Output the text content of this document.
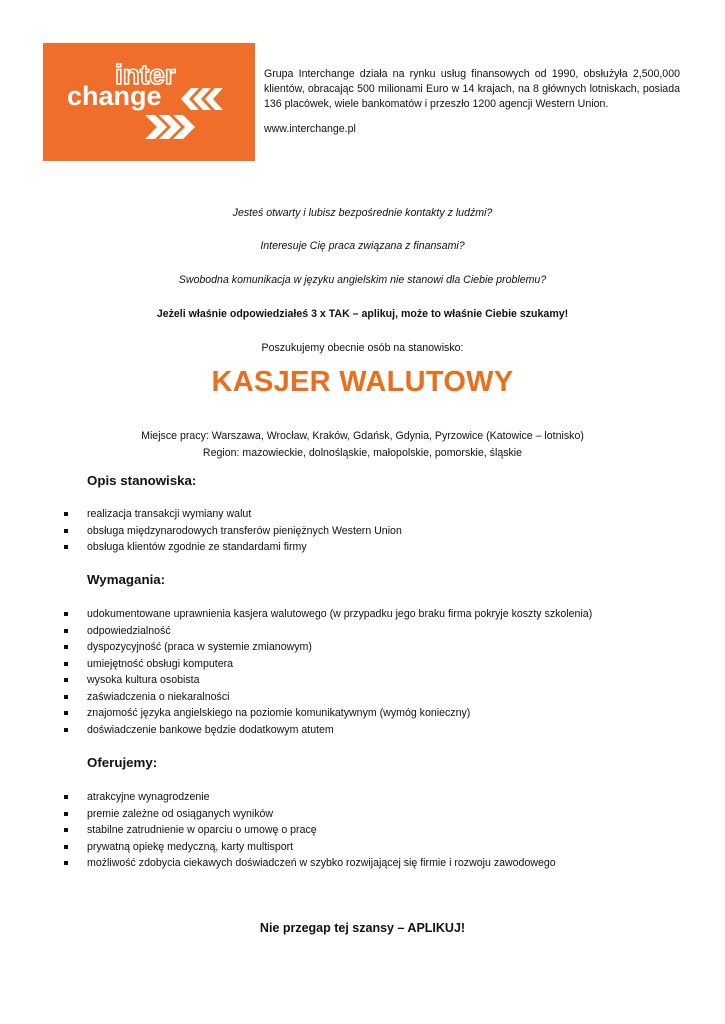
inter
change

Grupa Interchange działa na rynku usług finansowych od 1990, obsłużyła 2,500,000 klientów, obracając 500 milionami Euro w 14 krajach, na 8 głównych lotniskach, posiada 136 placówek, wiele bankomatów i przeszło 1200 agencji Western Union.

www.interchange.pl

Jesteś otwarty i lubisz bezpośrednie kontakty z ludźmi?
Interesuje Cię praca związana z finansami?
Swobodna komunikacja w języku angielskim nie stanowi dla Ciebie problemu?
Jeżeli właśnie odpowiedziałeś 3 x TAK – aplikuj, może to właśnie Ciebie szukamy!
Poszukujemy obecnie osób na stanowisko:
KASJER WALUTOWY
Miejsce pracy: Warszawa, Wrocław, Kraków, Gdańsk, Gdynia, Pyrzowice (Katowice – lotnisko)
Region: mazowieckie, dolnośląskie, małopolskie, pomorskie, śląskie
Opis stanowiska:
realizacja transakcji wymiany walut
obsługa międzynarodowych transferów pieniężnych Western Union
obsługa klientów zgodnie ze standardami firmy
Wymagania:
udokumentowane uprawnienia kasjera walutowego (w przypadku jego braku firma pokryje koszty szkolenia)
odpowiedzialność
dyspozycyjność (praca w systemie zmianowym)
umiejętność obsługi komputera
wysoka kultura osobista
zaświadczenia o niekaralności
znajomość języka angielskiego na poziomie komunikatywnym (wymóg konieczny)
doświadczenie bankowe będzie dodatkowym atutem
Oferujemy:
atrakcyjne wynagrodzenie
premie zależne od osiąganych wyników
stabilne zatrudnienie w oparciu o umowę o pracę
prywatną opiekę medyczną, karty multisport
możliwość zdobycia ciekawych doświadczeń w szybko rozwijającej się firmie i rozwoju zawodowego
Nie przegap tej szansy – APLIKUJ!
